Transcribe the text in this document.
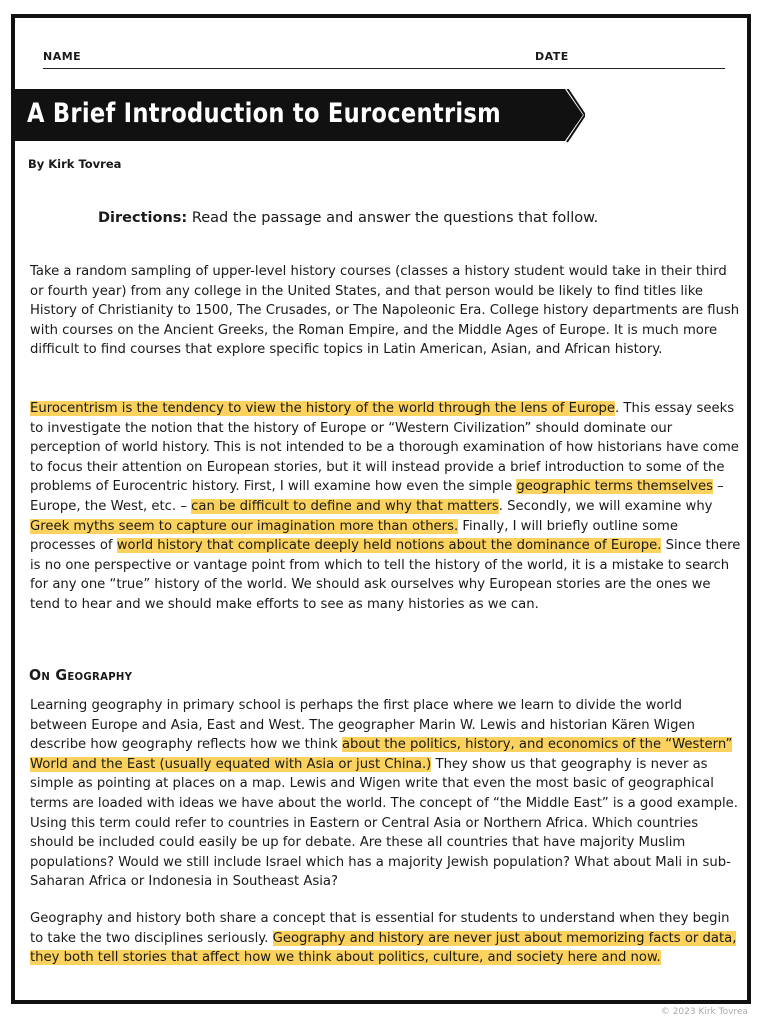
NAME	DATE
A Brief Introduction to Eurocentrism
By Kirk Tovrea
Directions: Read the passage and answer the questions that follow.
Take a random sampling of upper-level history courses (classes a history student would take in their third or fourth year) from any college in the United States, and that person would be likely to find titles like History of Christianity to 1500, The Crusades, or The Napoleonic Era. College history departments are flush with courses on the Ancient Greeks, the Roman Empire, and the Middle Ages of Europe. It is much more difficult to find courses that explore specific topics in Latin American, Asian, and African history.
Eurocentrism is the tendency to view the history of the world through the lens of Europe. This essay seeks to investigate the notion that the history of Europe or “Western Civilization” should dominate our perception of world history. This is not intended to be a thorough examination of how historians have come to focus their attention on European stories, but it will instead provide a brief introduction to some of the problems of Eurocentric history. First, I will examine how even the simple geographic terms themselves – Europe, the West, etc. – can be difficult to define and why that matters. Secondly, we will examine why Greek myths seem to capture our imagination more than others. Finally, I will briefly outline some processes of world history that complicate deeply held notions about the dominance of Europe. Since there is no one perspective or vantage point from which to tell the history of the world, it is a mistake to search for any one “true” history of the world. We should ask ourselves why European stories are the ones we tend to hear and we should make efforts to see as many histories as we can.
On Geography
Learning geography in primary school is perhaps the first place where we learn to divide the world between Europe and Asia, East and West. The geographer Marin W. Lewis and historian Kären Wigen describe how geography reflects how we think about the politics, history, and economics of the “Western” World and the East (usually equated with Asia or just China.) They show us that geography is never as simple as pointing at places on a map. Lewis and Wigen write that even the most basic of geographical terms are loaded with ideas we have about the world. The concept of “the Middle East” is a good example. Using this term could refer to countries in Eastern or Central Asia or Northern Africa. Which countries should be included could easily be up for debate. Are these all countries that have majority Muslim populations? Would we still include Israel which has a majority Jewish population? What about Mali in sub-Saharan Africa or Indonesia in Southeast Asia?
Geography and history both share a concept that is essential for students to understand when they begin to take the two disciplines seriously. Geography and history are never just about memorizing facts or data, they both tell stories that affect how we think about politics, culture, and society here and now.
© 2023 Kirk Tovrea
